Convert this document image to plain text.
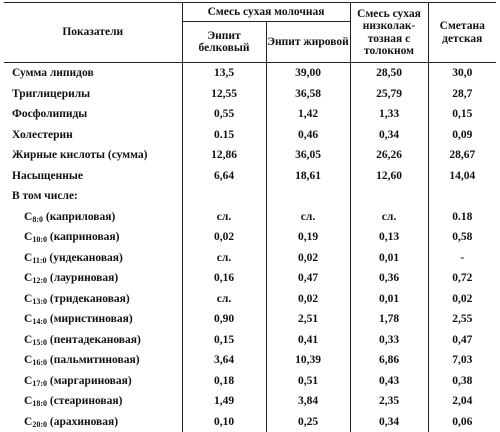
Показатели	Смесь сухая молочная		Смесь сухая низколак-тозная с толокном	Сметана детская
	Энпит белковый	Энпит жировой		
Сумма липидов	13,5	39,00	28,50	30,0
Триглицерилы	12,55	36,58	25,79	28,7
Фосфолипиды	0,55	1,42	1,33	0,15
Холестерин	0.15	0,46	0,34	0,09
Жирные кислоты (сумма)	12,86	36,05	26,26	28,67
Насыщенные	6,64	18,61	12,60	14,04
В том числе:				
$C_{8:0}$ (каприловая)	сл.	сл.	сл.	0.18
$C_{10:0}$ (каприновая)	0,02	0,19	0,13	0,58
$C_{11:0}$ (ундекановая)	сл.	0,02	0,01	-
$C_{12:0}$ (лауриновая)	0,16	0,47	0,36	0,72
$C_{13:0}$ (тридекановая)	сл.	0,02	0,01	0,02
$C_{14:0}$ (миристиновая)	0,90	2,51	1,78	2,55
$C_{15:0}$ (пентадекановая)	0,15	0,41	0,33	0,47
$C_{16:0}$ (пальмитиновая)	3,64	10,39	6,86	7,03
$C_{17:0}$ (маргариновая)	0,18	0,51	0,43	0,38
$C_{18:0}$ (стеариновая)	1,49	3,84	2,35	2,04
$C_{20:0}$ (арахиновая)	0,10	0,25	0,34	0,06
